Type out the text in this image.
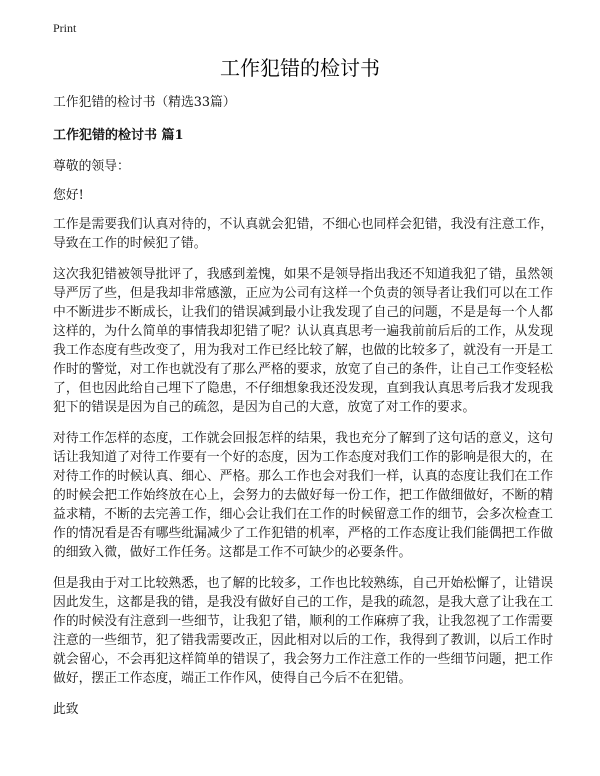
Print
工作犯错的检讨书

工作犯错的检讨书（精选33篇）

工作犯错的检讨书 篇1

尊敬的领导：

您好!

工作是需要我们认真对待的，不认真就会犯错，不细心也同样会犯错，我没有注意工作，导致在工作的时候犯了错。

这次我犯错被领导批评了，我感到羞愧，如果不是领导指出我还不知道我犯了错，虽然领导严厉了些，但是我却非常感激，正应为公司有这样一个负责的领导者让我们可以在工作中不断进步不断成长，让我们的错误减到最小让我发现了自己的问题，不是是每一个人都这样的，为什么简单的事情我却犯错了呢？认认真真思考一遍我前前后后的工作，从发现我工作态度有些改变了，用为我对工作已经比较了解，也做的比较多了，就没有一开是工作时的警觉，对工作也就没有了那么严格的要求，放宽了自己的条件，让自己工作变轻松了，但也因此给自己埋下了隐患，不仔细想象我还没发现，直到我认真思考后我才发现我犯下的错误是因为自己的疏忽，是因为自己的大意，放宽了对工作的要求。

对待工作怎样的态度，工作就会回报怎样的结果，我也充分了解到了这句话的意义，这句话让我知道了对待工作要有一个好的态度，因为工作态度对我们工作的影响是很大的，在对待工作的时候认真、细心、严格。那么工作也会对我们一样，认真的态度让我们在工作的时候会把工作始终放在心上，会努力的去做好每一份工作，把工作做细做好，不断的精益求精，不断的去完善工作，细心会让我们在工作的时候留意工作的细节，会多次检查工作的情况看是否有哪些纰漏减少了工作犯错的机率，严格的工作态度让我们能偶把工作做的细致入微，做好工作任务。这都是工作不可缺少的必要条件。

但是我由于对工比较熟悉，也了解的比较多，工作也比较熟练，自己开始松懈了，让错误因此发生，这都是我的错，是我没有做好自己的工作，是我的疏忽，是我大意了让我在工作的时候没有注意到一些细节，让我犯了错，顺利的工作麻痹了我，让我忽视了工作需要注意的一些细节，犯了错我需要改正，因此相对以后的工作，我得到了教训，以后工作时就会留心，不会再犯这样简单的错误了，我会努力工作注意工作的一些细节问题，把工作做好，摆正工作态度，端正工作作风，使得自己今后不在犯错。

此致
